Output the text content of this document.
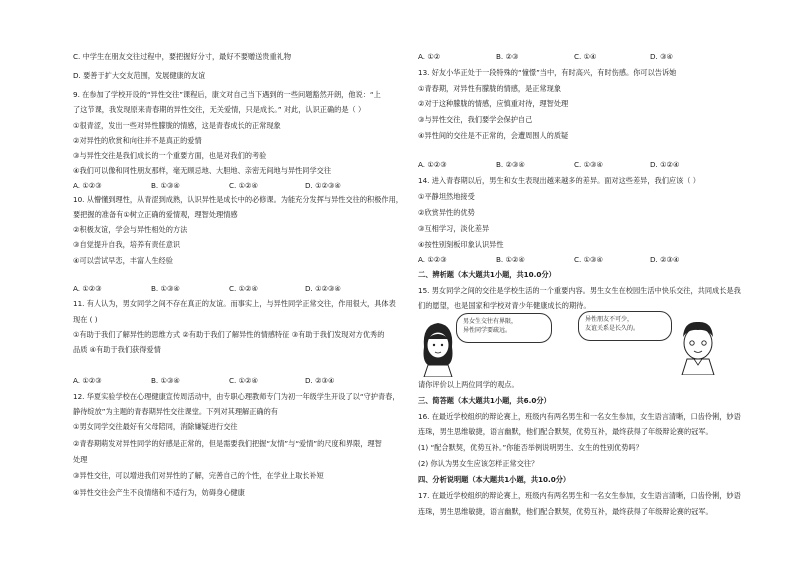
C. 中学生在朋友交往过程中，要把握好分寸，最好不要赠送贵重礼物
D. 要善于扩大交友范围，发展健康的友谊
9. 在参加了学校开设的“异性交往”课程后，康文对自己当下遇到的一些问题豁然开朗，他说：“上
了这节课，我发现原来青春期的异性交往，无关爱情，只是成长。” 对此，认识正确的是（ ）
①很青涩，发出一些对异性朦胧的情感，这是青春成长的正常现象
②对异性的欣赏和向往并不是真正的爱情
③与异性交往是我们成长的一个重要方面，也是对我们的考验
④我们可以像和同性朋友那样，毫无顾忌地、大胆地、亲密无间地与异性同学交往
A. ①②③	B. ①③④	C. ①②④	D. ①②③④
10. 从懵懂到理性，从青涩到成熟，认识异性是成长中的必修课。为能充分发挥与异性交往的积极作用，
要把握的准备有①树立正确的爱情观，理智处理情感
②积极友谊，学会与异性相处的方法
③自觉提升自我，培养有责任意识
④可以尝试早恋，丰富人生经验
A. ①②③	B. ①③④	C. ①②④	D. ①②③④
11. 有人认为，男女同学之间不存在真正的友谊。而事实上，与异性同学正常交往，作用很大，具体表
现在 ( )
①有助于我们了解异性的思维方式 ②有助于我们了解异性的情感特征 ③有助于我们发现对方优秀的
品质 ④有助于我们获得爱情
A. ①②③	B. ①③④	C. ①②④	D. ②③④
12. 华夏实验学校在心理健康宣传周活动中，由专职心理教师专门为初一年级学生开设了以“守护青春，
静待绽放”为主题的青春期异性交往课堂。下列对其理解正确的有
①男女同学交往最好有父母陪同，消除嫌疑进行交往
②青春期萌发对异性同学的好感是正常的，但是需要我们把握“友情”与“爱情”的尺度和界限，理智
处理
③异性交往，可以增进我们对异性的了解，完善自己的个性，在学业上取长补短
④异性交往会产生不良情绪和不适行为，妨碍身心健康
A. ①②	B. ②③	C. ①④	D. ③④
13. 好友小华正处于一段特殊的“憧憬”当中，有时高兴，有时伤感。你可以告诉她
①青春期，对异性有朦胧的情感，是正常现象
②对于这种朦胧的情感，应慎重对待，理智处理
③与异性交往，我们要学会保护自己
④异性间的交往是不正常的，会遭周围人的质疑
A. ①②③	B. ②③④	C. ①③④	D. ①②④
14. 进入青春期以后，男生和女生表现出越来越多的差异。面对这些差异，我们应该（ ）
①平静坦然地接受
②欣赏异性的优势
③互相学习，淡化差异
④按性别刻板印象认识异性
A. ①②③	B. ①②④	C. ①③④	D. ②③④
二、辨析题（本大题共1小题，共10.0分）
15. 男女同学之间的交往是学校生活的一个重要内容。男生女生在校园生活中快乐交往，共同成长是我
们的愿望，也是国家和学校对青少年健康成长的期待。
男女生交往有界限，
异性同学要疏远。
异性朋友不可少，
友谊关系是长久的。
请你评价以上两位同学的观点。
三、简答题（本大题共1小题，共6.0分）
16. 在最近学校组织的辩论赛上，班级内有两名男生和一名女生参加，女生语言清晰，口齿伶俐，妙语
连珠，男生思维敏捷，语言幽默，他们配合默契，优势互补，最终获得了年级辩论赛的冠军。
(1) “配合默契，优势互补。”你能否举例说明男生、女生的性别优势吗？
(2) 你认为男女生应该怎样正常交往？
四、分析说明题（本大题共1小题，共10.0分）
17. 在最近学校组织的辩论赛上，班级内有两名男生和一名女生参加，女生语言清晰，口齿伶俐，妙语
连珠，男生思维敏捷，语言幽默，他们配合默契，优势互补，最终获得了年级辩论赛的冠军。
